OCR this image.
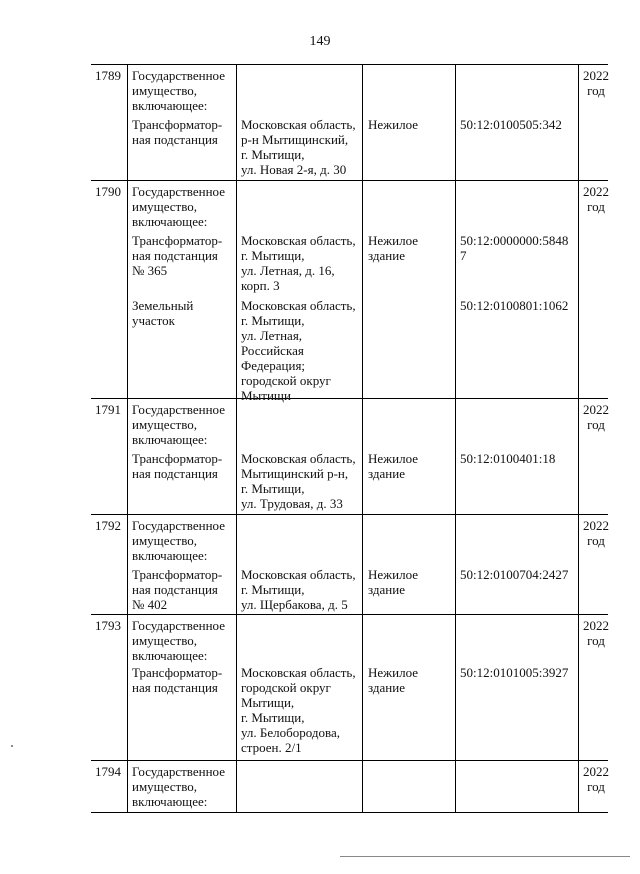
149
1789 Государственное
имущество,
включающее:
2022 год
Трансформатор-
ная подстанция
Московская область,
р-н Мытищинский,
г. Мытищи,
ул. Новая 2-я, д. 30
Нежилое	50:12:0100505:342
1790 Государственное
имущество,
включающее:
2022 год
Трансформатор-
ная подстанция
№ 365
Московская область,
г. Мытищи,
ул. Летная, д. 16,
корп. 3
Нежилое
здание
50:12:0000000:5848
7
Земельный
участок
Московская область,
г. Мытищи,
ул. Летная,
Российская
Федерация;
городской округ
Мытищи
50:12:0100801:1062
1791 Государственное
имущество,
включающее:
2022 год
Трансформатор-
ная подстанция
Московская область,
Мытищинский р-н,
г. Мытищи,
ул. Трудовая, д. 33
Нежилое
здание
50:12:0100401:18
1792 Государственное
имущество,
включающее:
2022 год
Трансформатор-
ная подстанция
№ 402
Московская область,
г. Мытищи,
ул. Щербакова, д. 5
Нежилое
здание
50:12:0100704:2427
1793 Государственное
имущество,
включающее:
2022 год
Трансформатор-
ная подстанция
Московская область,
городской округ
Мытищи,
г. Мытищи,
ул. Белобородова,
строен. 2/1
Нежилое
здание
50:12:0101005:3927
1794 Государственное
имущество,
включающее:
2022 год
